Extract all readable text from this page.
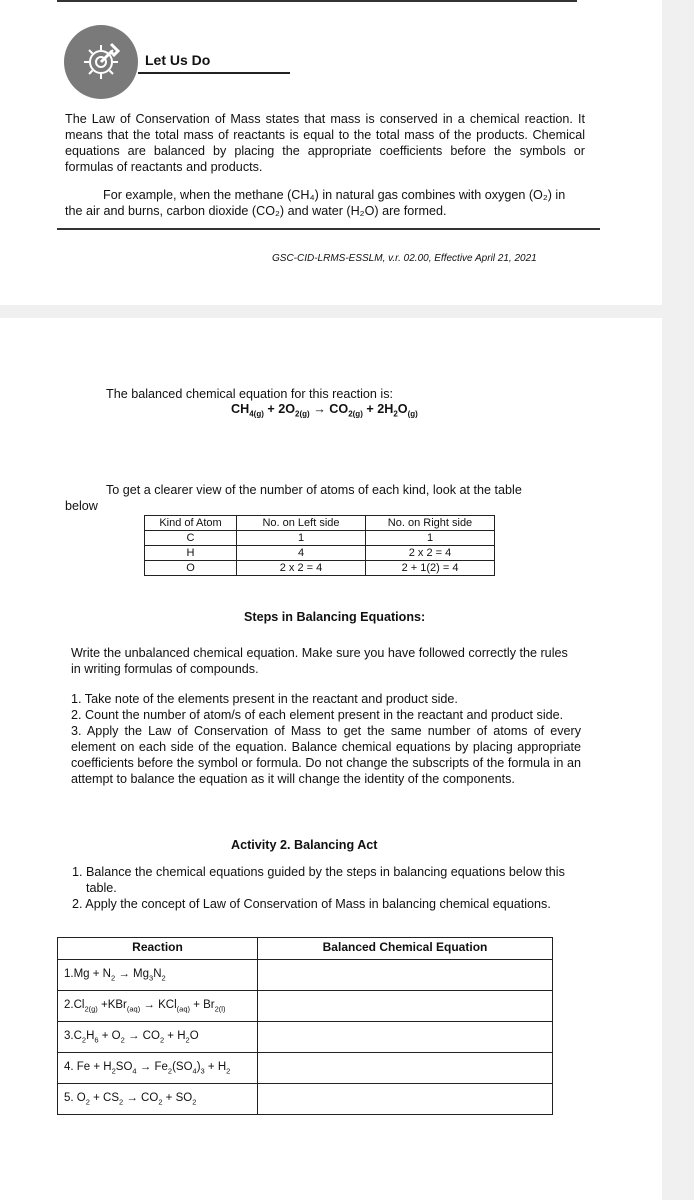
Let Us Do
The Law of Conservation of Mass states that mass is conserved in a chemical reaction. It means that the total mass of reactants is equal to the total mass of the products. Chemical equations are balanced by placing the appropriate coefficients before the symbols or formulas of reactants and products.
For example, when the methane (CH₄) in natural gas combines with oxygen (O₂) in the air and burns, carbon dioxide (CO₂) and water (H₂O) are formed.
GSC-CID-LRMS-ESSLM, v.r. 02.00, Effective April 21, 2021
The balanced chemical equation for this reaction is:
$CH_{4(g)} + 2O_{2(g)} \to CO_{2(g)} + 2H_2O_{(g)}$
To get a clearer view of the number of atoms of each kind, look at the table
below
Kind of Atom	No. on Left side	No. on Right side
C	1	1
H	4	2 x 2 = 4
O	2 x 2 = 4	2 + 1(2) = 4
Steps in Balancing Equations:
Write the unbalanced chemical equation. Make sure you have followed correctly the rules in writing formulas of compounds.
1. Take note of the elements present in the reactant and product side.
2. Count the number of atom/s of each element present in the reactant and product side.
3. Apply the Law of Conservation of Mass to get the same number of atoms of every element on each side of the equation. Balance chemical equations by placing appropriate coefficients before the symbol or formula. Do not change the subscripts of the formula in an attempt to balance the equation as it will change the identity of the components.
Activity 2. Balancing Act
1. Balance the chemical equations guided by the steps in balancing equations below this table.
2. Apply the concept of Law of Conservation of Mass in balancing chemical equations.
Reaction	Balanced Chemical Equation
$1.Mg + N_2 \to Mg_3N_2$	
$2.Cl_{2(g)} +KBr_{(aq)} \to KCl_{(aq)} + Br_{2(l)}$	
$3.C_2H_6 + O_2 \to CO_2 + H_2O$	
4. $Fe + H_2SO_4 \to Fe_2(SO_4)_3 + H_2$	
5. $O_2 + CS_2 \to CO_2 + SO_2$	
